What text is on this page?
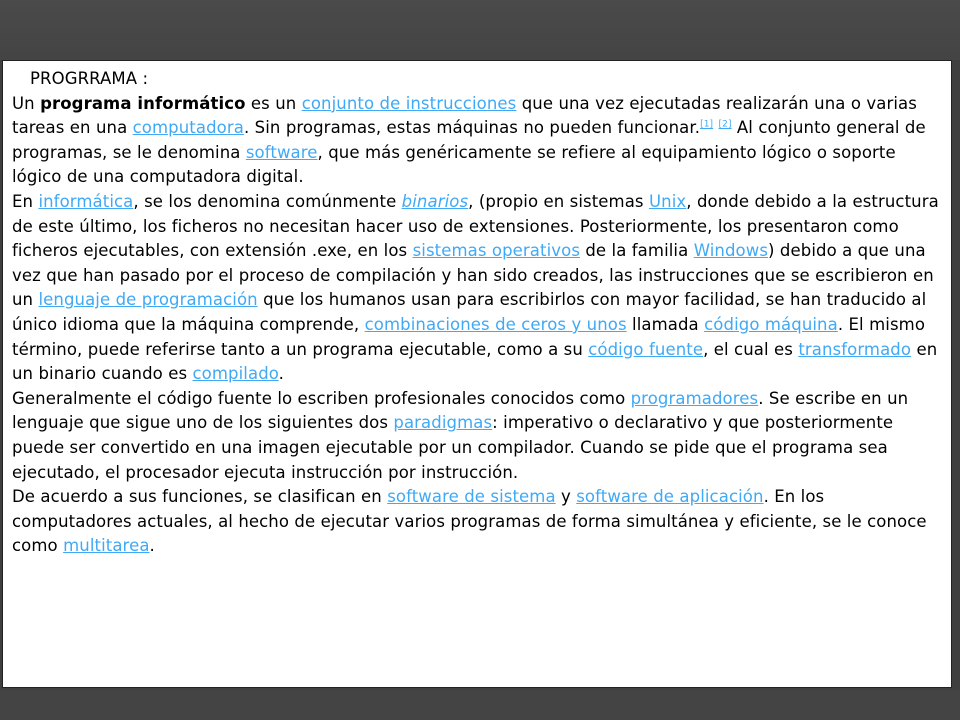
PROGRRAMA :

Un programa informático es un conjunto de instrucciones que una vez ejecutadas realizarán una o varias tareas en una computadora. Sin programas, estas máquinas no pueden funcionar.[1] [2] Al conjunto general de programas, se le denomina software, que más genéricamente se refiere al equipamiento lógico o soporte lógico de una computadora digital.

En informática, se los denomina comúnmente binarios, (propio en sistemas Unix, donde debido a la estructura de este último, los ficheros no necesitan hacer uso de extensiones. Posteriormente, los presentaron como ficheros ejecutables, con extensión .exe, en los sistemas operativos de la familia Windows) debido a que una vez que han pasado por el proceso de compilación y han sido creados, las instrucciones que se escribieron en un lenguaje de programación que los humanos usan para escribirlos con mayor facilidad, se han traducido al único idioma que la máquina comprende, combinaciones de ceros y unos llamada código máquina. El mismo término, puede referirse tanto a un programa ejecutable, como a su código fuente, el cual es transformado en un binario cuando es compilado.

Generalmente el código fuente lo escriben profesionales conocidos como programadores. Se escribe en un lenguaje que sigue uno de los siguientes dos paradigmas: imperativo o declarativo y que posteriormente puede ser convertido en una imagen ejecutable por un compilador. Cuando se pide que el programa sea ejecutado, el procesador ejecuta instrucción por instrucción.

De acuerdo a sus funciones, se clasifican en software de sistema y software de aplicación. En los computadores actuales, al hecho de ejecutar varios programas de forma simultánea y eficiente, se le conoce como multitarea.
